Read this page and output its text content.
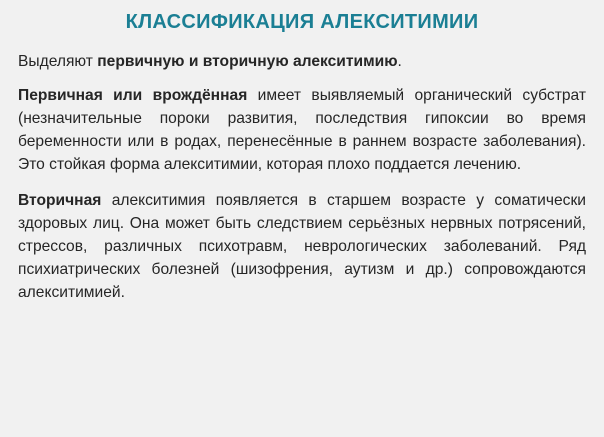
КЛАССИФИКАЦИЯ АЛЕКСИТИМИИ

Выделяют первичную и вторичную алекситимию.

Первичная или врождённая имеет выявляемый органический субстрат (незначительные пороки развития, последствия гипоксии во время беременности или в родах, перенесённые в раннем возрасте заболевания). Это стойкая форма алекситимии, которая плохо поддается лечению.

Вторичная алекситимия появляется в старшем возрасте у соматически здоровых лиц. Она может быть следствием серьёзных нервных потрясений, стрессов, различных психотравм, неврологических заболеваний. Ряд психиатрических болезней (шизофрения, аутизм и др.) сопровождаются алекситимией.
